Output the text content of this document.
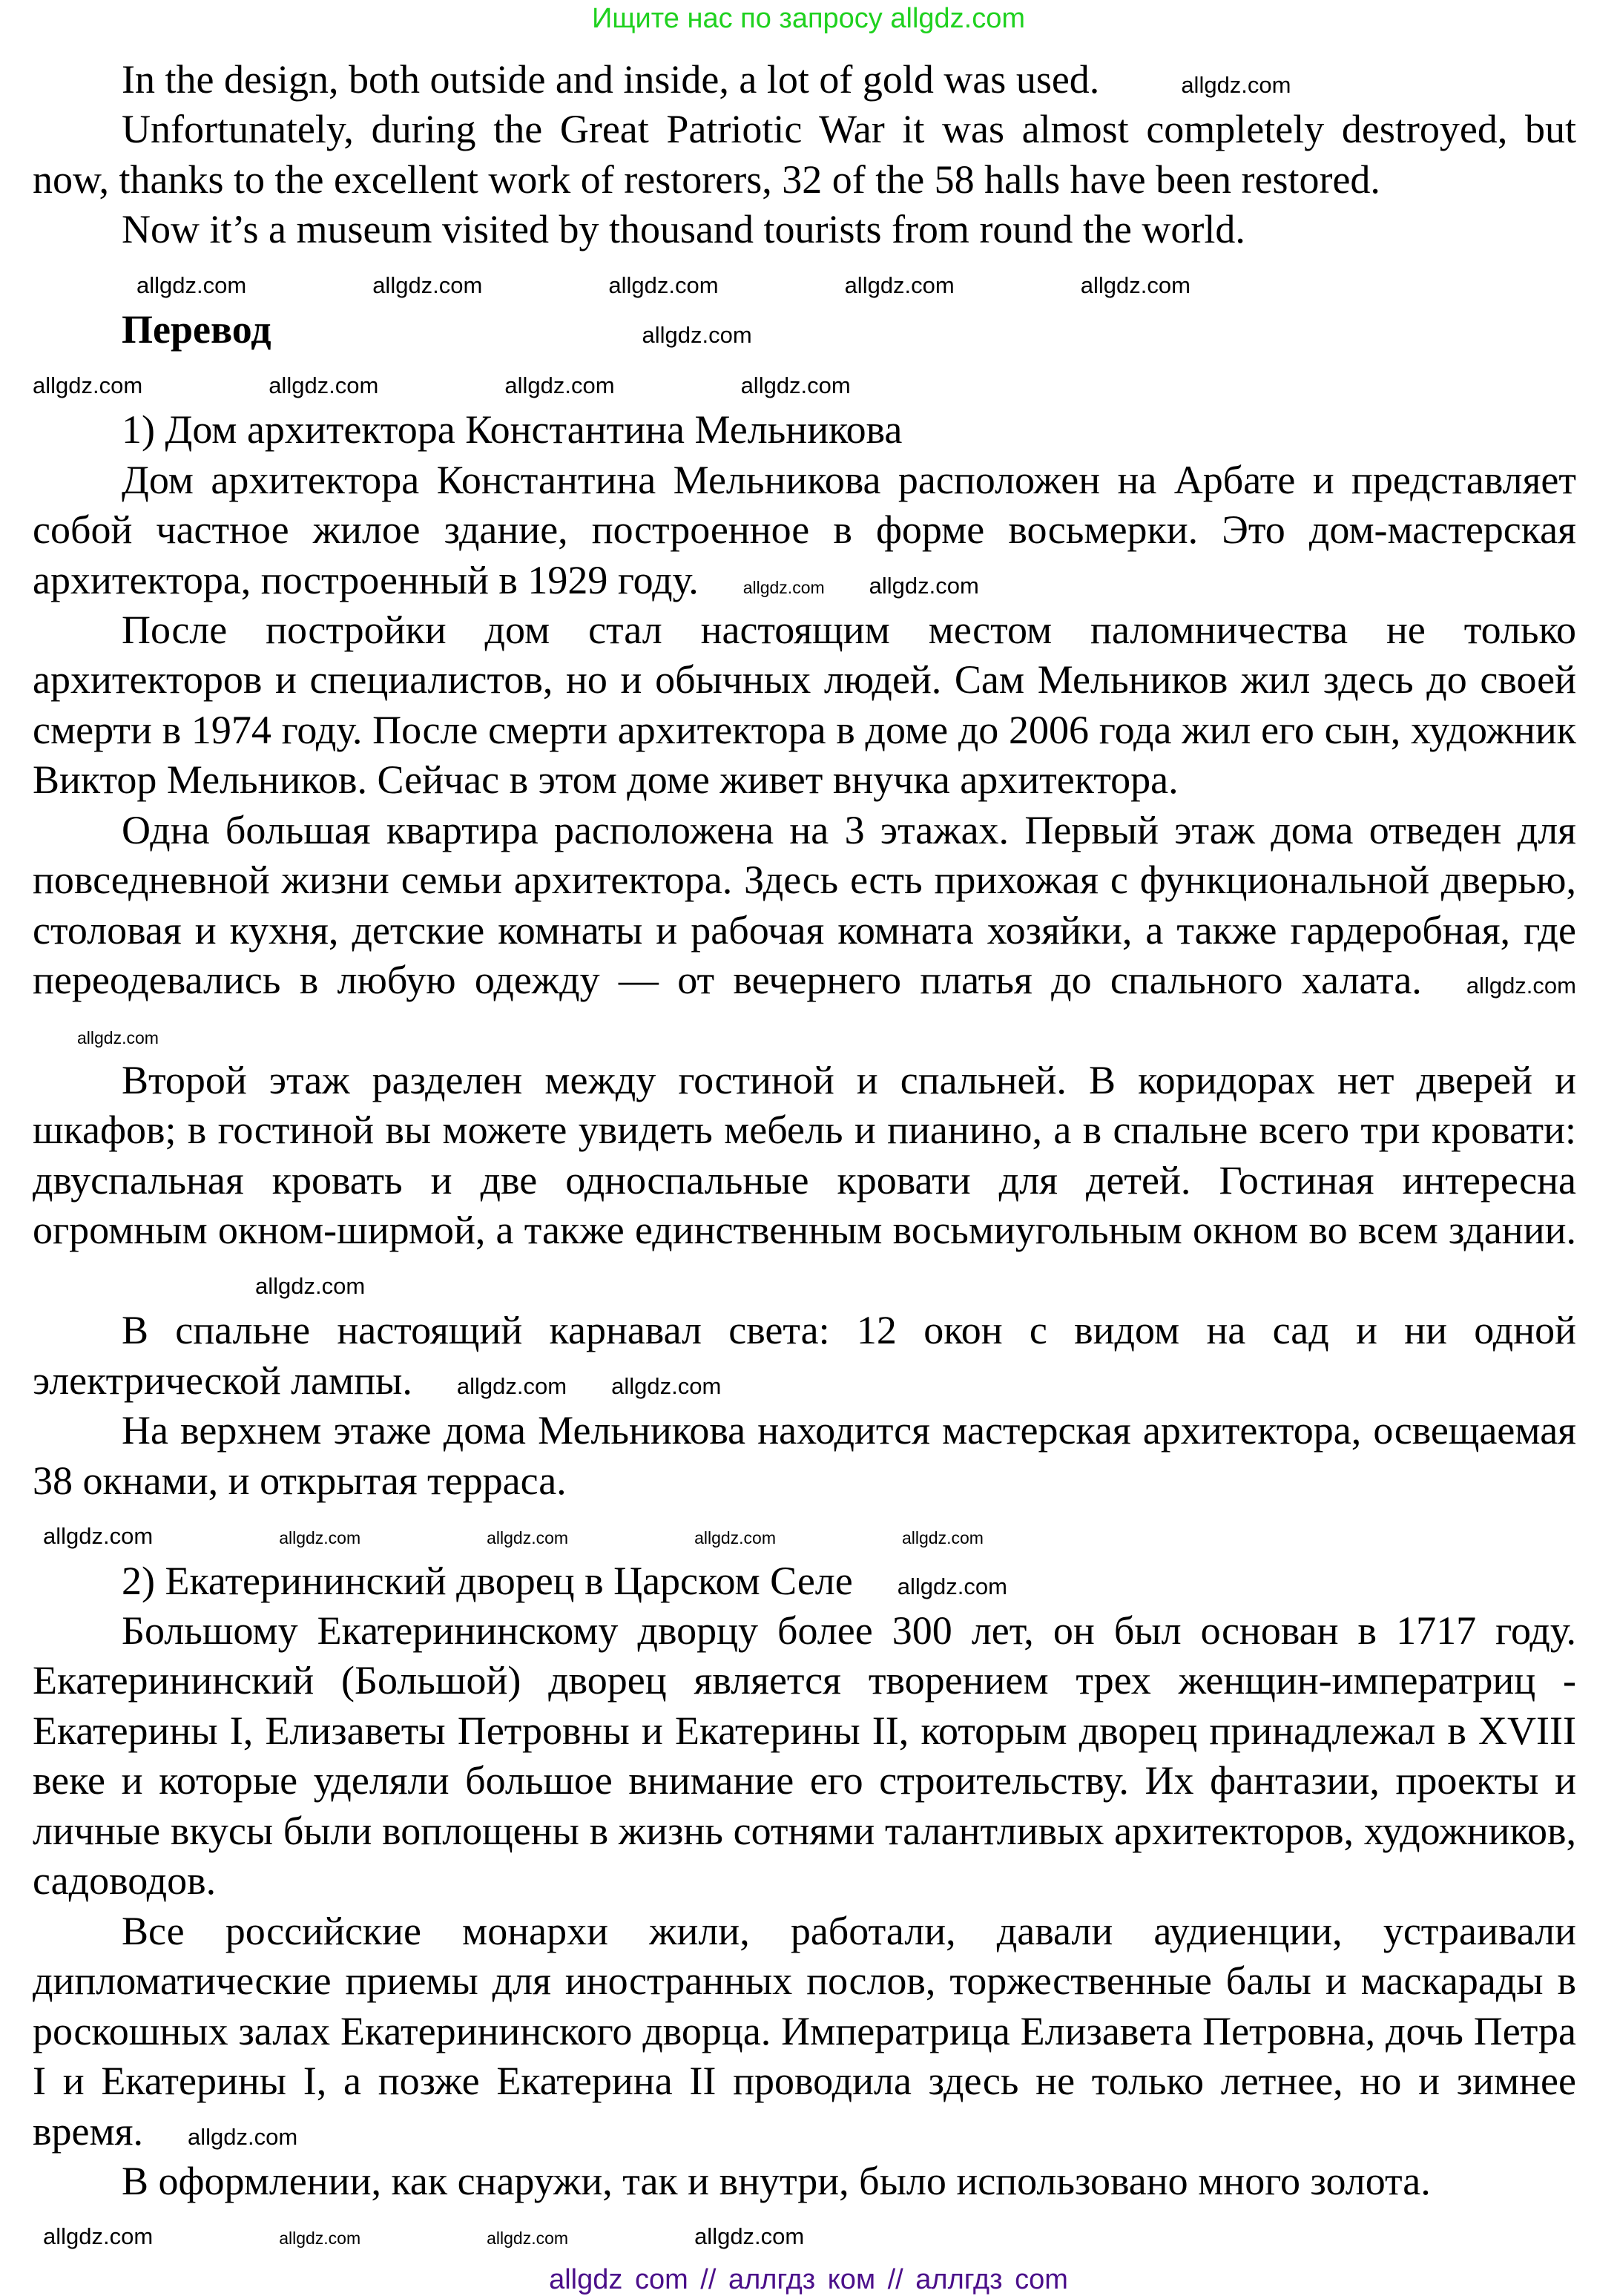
Ищите нас по запросу allgdz.com

In the design, both outside and inside, a lot of gold was used.	allgdz.com

Unfortunately, during the Great Patriotic War it was almost completely destroyed, but now, thanks to the excellent work of restorers, 32 of the 58 halls have been restored.

Now it’s a museum visited by thousand tourists from round the world.

allgdz.com	allgdz.com	allgdz.com	allgdz.com	allgdz.com

Перевод	allgdz.com

allgdz.com	allgdz.com	allgdz.com	allgdz.com

1) Дом архитектора Константина Мельникова

Дом архитектора Константина Мельникова расположен на Арбате и представляет собой частное жилое здание, построенное в форме восьмерки. Это дом-мастерская архитектора, построенный в 1929 году.	allgdz.com allgdz.com

После постройки дом стал настоящим местом паломничества не только архитекторов и специалистов, но и обычных людей. Сам Мельников жил здесь до своей смерти в 1974 году. После смерти архитектора в доме до 2006 года жил его сын, художник Виктор Мельников. Сейчас в этом доме живет внучка архитектора.

Одна большая квартира расположена на 3 этажах. Первый этаж дома отведен для повседневной жизни семьи архитектора. Здесь есть прихожая с функциональной дверью, столовая и кухня, детские комнаты и рабочая комната хозяйки, а также гардеробная, где переодевались в любую одежду — от вечернего платья до спального халата. allgdz.comallgdz.com

Второй этаж разделен между гостиной и спальней. В коридорах нет дверей и шкафов; в гостиной вы можете увидеть мебель и пианино, а в спальне всего три кровати: двуспальная кровать и две односпальные кровати для детей. Гостиная интересна огромным окном-ширмой, а также единственным восьмиугольным окном во всем здании.allgdz.com

В спальне настоящий карнавал света: 12 окон с видом на сад и ни одной электрической лампы. allgdz.com allgdz.com

На верхнем этаже дома Мельникова находится мастерская архитектора, освещаемая 38 окнами, и открытая терраса.

allgdz.com	allgdz.com	allgdz.com	allgdz.com	allgdz.com

2) Екатерининский дворец в Царском Селе allgdz.com

Большому Екатерининскому дворцу более 300 лет, он был основан в 1717 году. Екатерининский (Большой) дворец является творением трех женщин-императриц - Екатерины I, Елизаветы Петровны и Екатерины II, которым дворец принадлежал в XVIII веке и которые уделяли большое внимание его строительству. Их фантазии, проекты и личные вкусы были воплощены в жизнь сотнями талантливых архитекторов, художников, садоводов.

Все российские монархи жили, работали, давали аудиенции, устраивали дипломатические приемы для иностранных послов, торжественные балы и маскарады в роскошных залах Екатерининского дворца. Императрица Елизавета Петровна, дочь Петра I и Екатерины I, а позже Екатерина II проводила здесь не только летнее, но и зимнее время. allgdz.com

В оформлении, как снаружи, так и внутри, было использовано много золота.

allgdz.com	allgdz.com	allgdz.com	allgdz.com
allgdz com // аллгдз ком // аллгдз com
